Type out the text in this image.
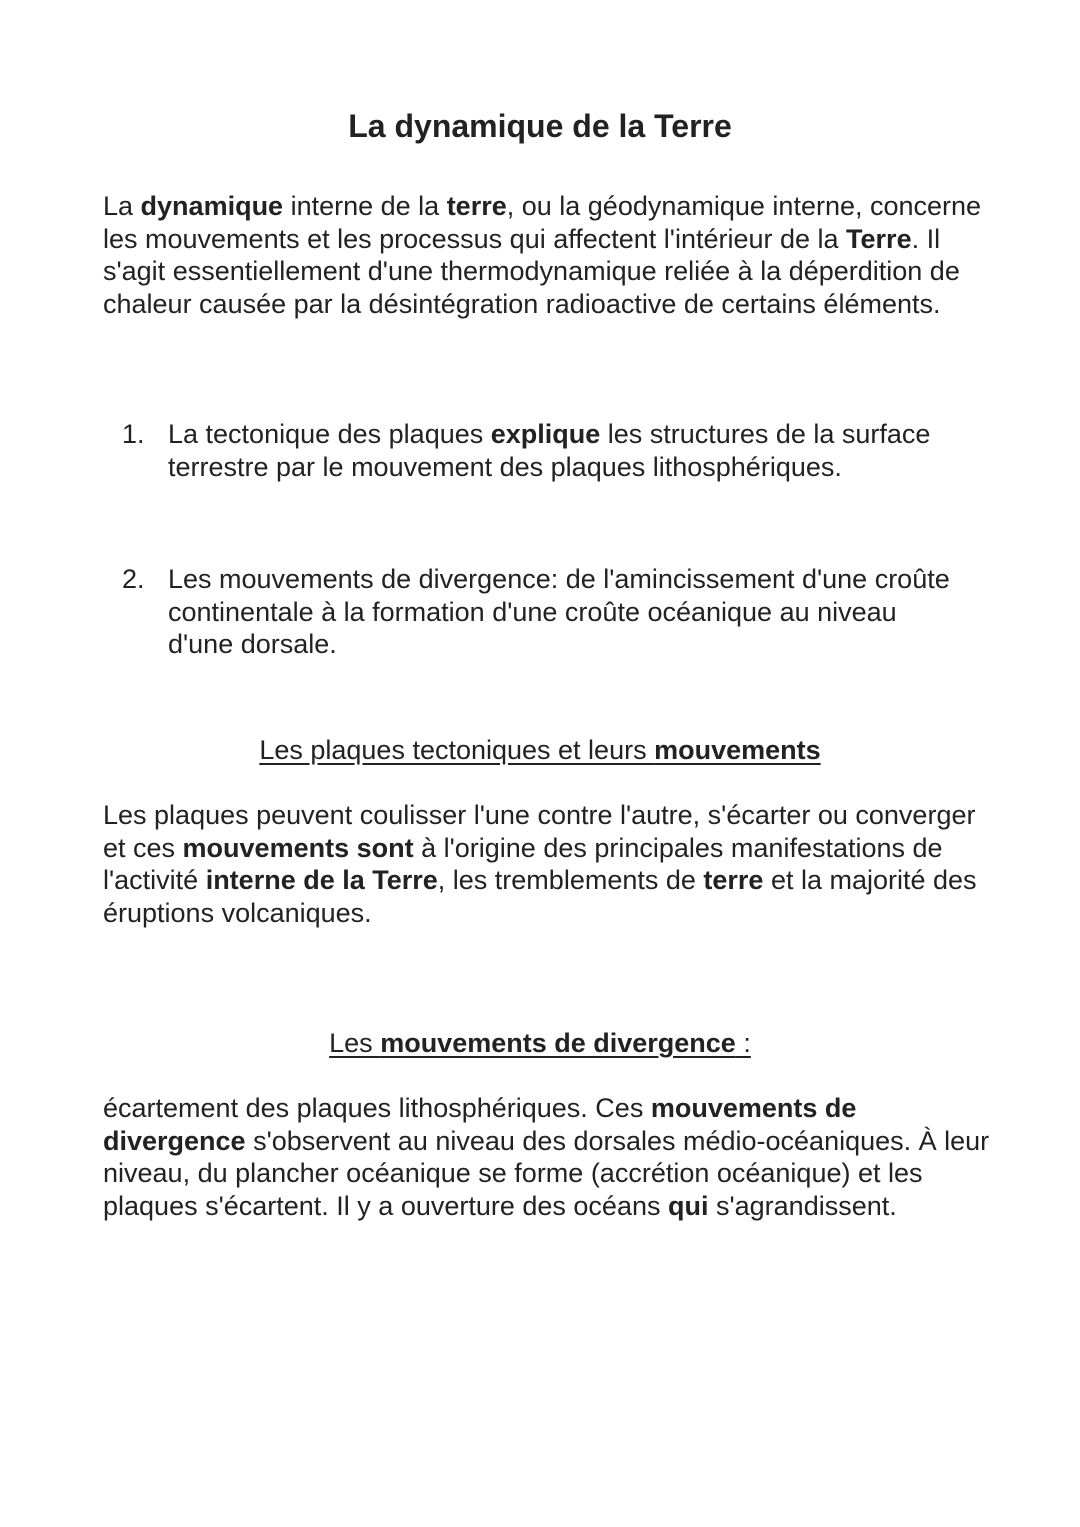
La dynamique de la Terre

La dynamique interne de la terre, ou la géodynamique interne, concerne les mouvements et les processus qui affectent l'intérieur de la Terre. Il s'agit essentiellement d'une thermodynamique reliée à la déperdition de chaleur causée par la désintégration radioactive de certains éléments.

1. La tectonique des plaques explique les structures de la surface terrestre par le mouvement des plaques lithosphériques.
2. Les mouvements de divergence: de l'amincissement d'une croûte continentale à la formation d'une croûte océanique au niveau d'une dorsale.
Les plaques tectoniques et leurs mouvements

Les plaques peuvent coulisser l'une contre l'autre, s'écarter ou converger et ces mouvements sont à l'origine des principales manifestations de l'activité interne de la Terre, les tremblements de terre et la majorité des éruptions volcaniques.

Les mouvements de divergence :

écartement des plaques lithosphériques. Ces mouvements de divergence s'observent au niveau des dorsales médio-océaniques. À leur niveau, du plancher océanique se forme (accrétion océanique) et les plaques s'écartent. Il y a ouverture des océans qui s'agrandissent.
